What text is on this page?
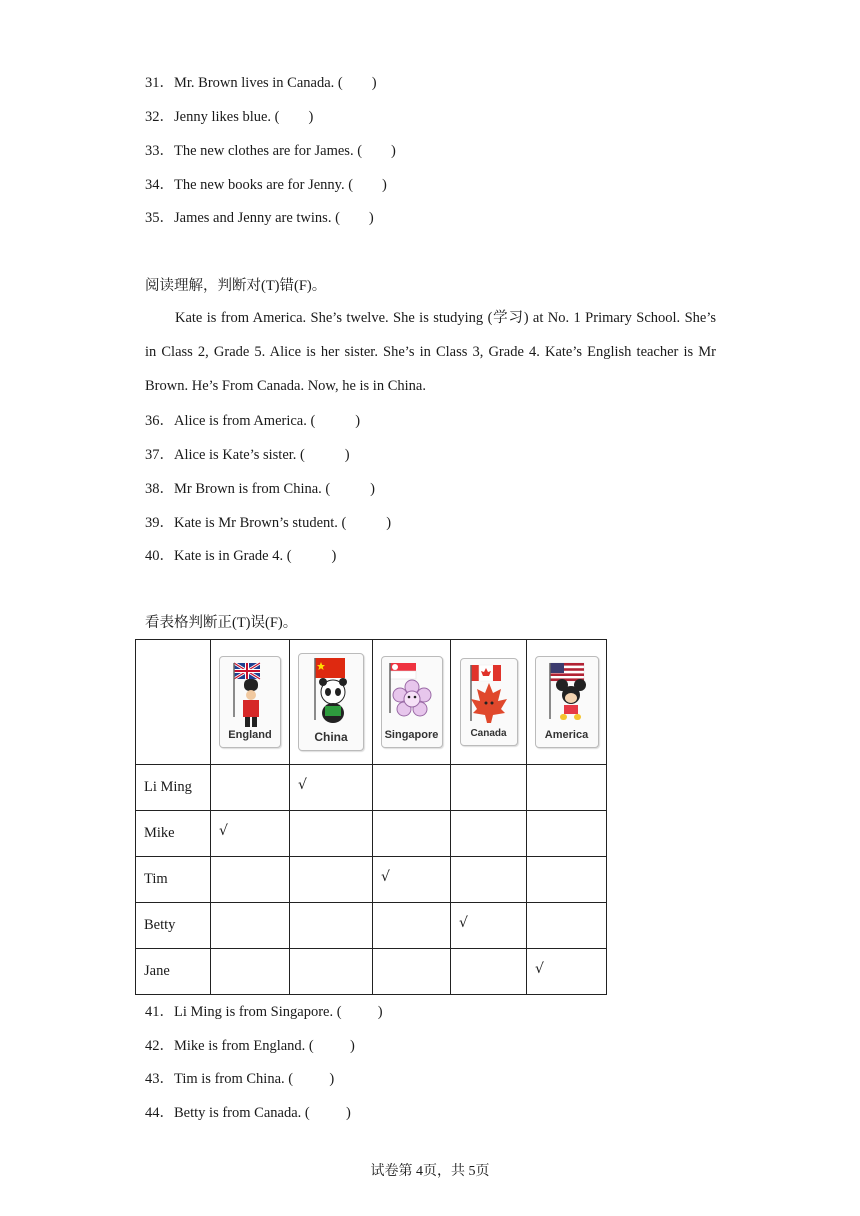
31．Mr. Brown lives in Canada. (        )
32．Jenny likes blue. (        )
33．The new clothes are for James. (        )
34．The new books are for Jenny. (        )
35．James and Jenny are twins. (        )
阅读理解，判断对(T)错(F)。
Kate is from America. She’s twelve. She is studying (学习) at No. 1 Primary School. She’s in Class 2, Grade 5. Alice is her sister. She’s in Class 3, Grade 4. Kate’s English teacher is Mr Brown. He’s From Canada. Now, he is in China.
36．Alice is from America. (           )
37．Alice is Kate’s sister. (           )
38．Mr Brown is from China. (           )
39．Kate is Mr Brown’s student. (           )
40．Kate is in Grade 4. (           )
看表格判断正(T)误(F)。

	England	China	Singapore	Canada	America

Li Ming		√			

Mike	√				

Tim			√		

Betty				√	

Jane					√
41．Li Ming is from Singapore. (          )
42．Mike is from England. (          )
43．Tim is from China. (          )
44．Betty is from Canada. (          )
试卷第 4页，共 5页
